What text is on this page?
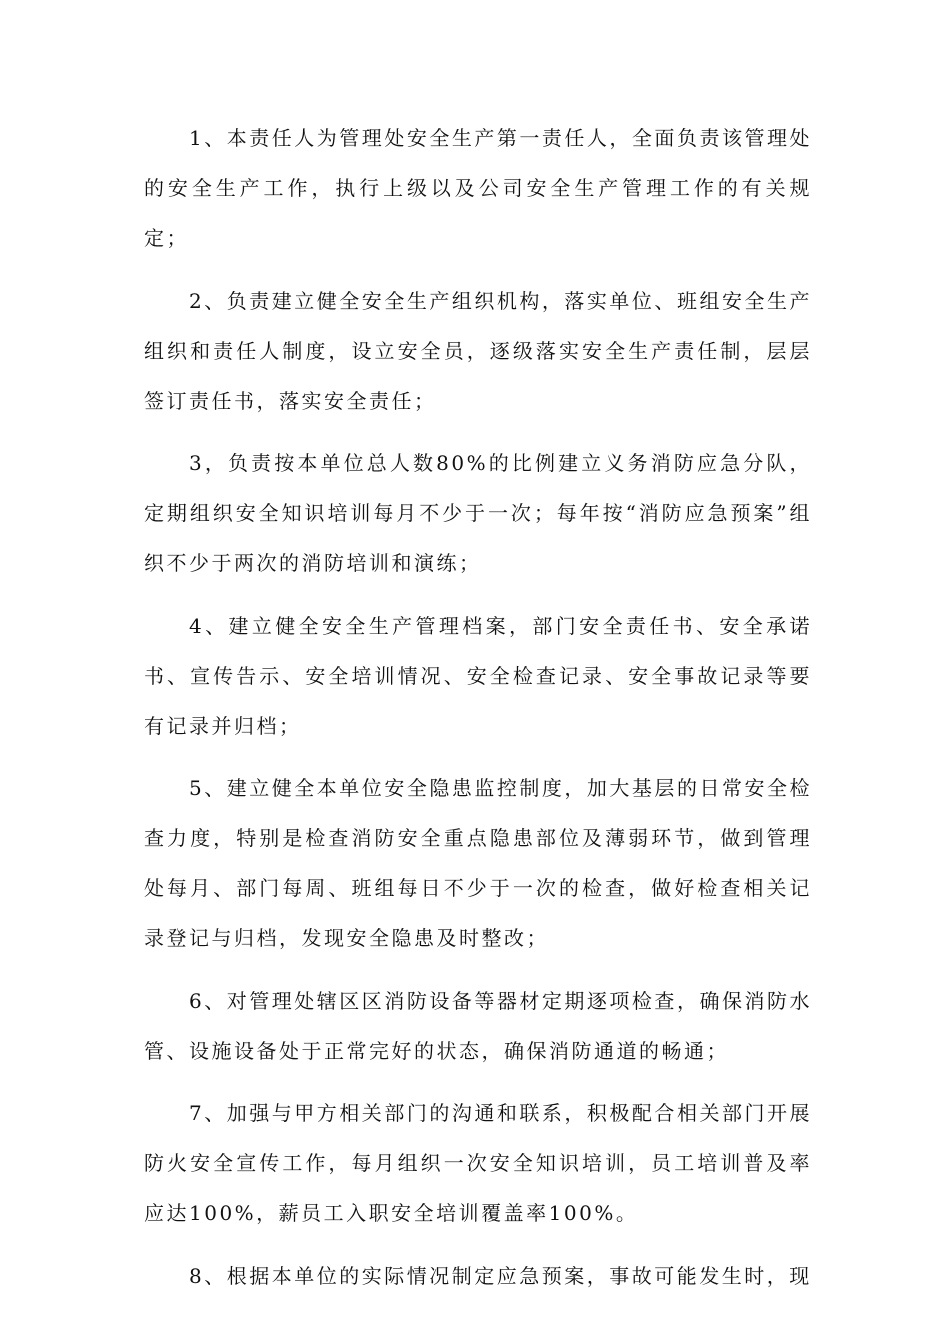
1、本责任人为管理处安全生产第一责任人，全面负责该管理处的安全生产工作，执行上级以及公司安全生产管理工作的有关规定；

2、负责建立健全安全生产组织机构，落实单位、班组安全生产组织和责任人制度，设立安全员，逐级落实安全生产责任制，层层签订责任书，落实安全责任；

3，负责按本单位总人数80%的比例建立义务消防应急分队，定期组织安全知识培训每月不少于一次；每年按“消防应急预案”组织不少于两次的消防培训和演练；

4、建立健全安全生产管理档案，部门安全责任书、安全承诺书、宣传告示、安全培训情况、安全检查记录、安全事故记录等要有记录并归档；

5、建立健全本单位安全隐患监控制度，加大基层的日常安全检查力度，特别是检查消防安全重点隐患部位及薄弱环节，做到管理处每月、部门每周、班组每日不少于一次的检查，做好检查相关记录登记与归档，发现安全隐患及时整改；

6、对管理处辖区区消防设备等器材定期逐项检查，确保消防水管、设施设备处于正常完好的状态，确保消防通道的畅通；

7、加强与甲方相关部门的沟通和联系，积极配合相关部门开展防火安全宣传工作，每月组织一次安全知识培训，员工培训普及率应达100%，薪员工入职安全培训覆盖率100%。

8、根据本单位的实际情况制定应急预案，事故可能发生时，现
